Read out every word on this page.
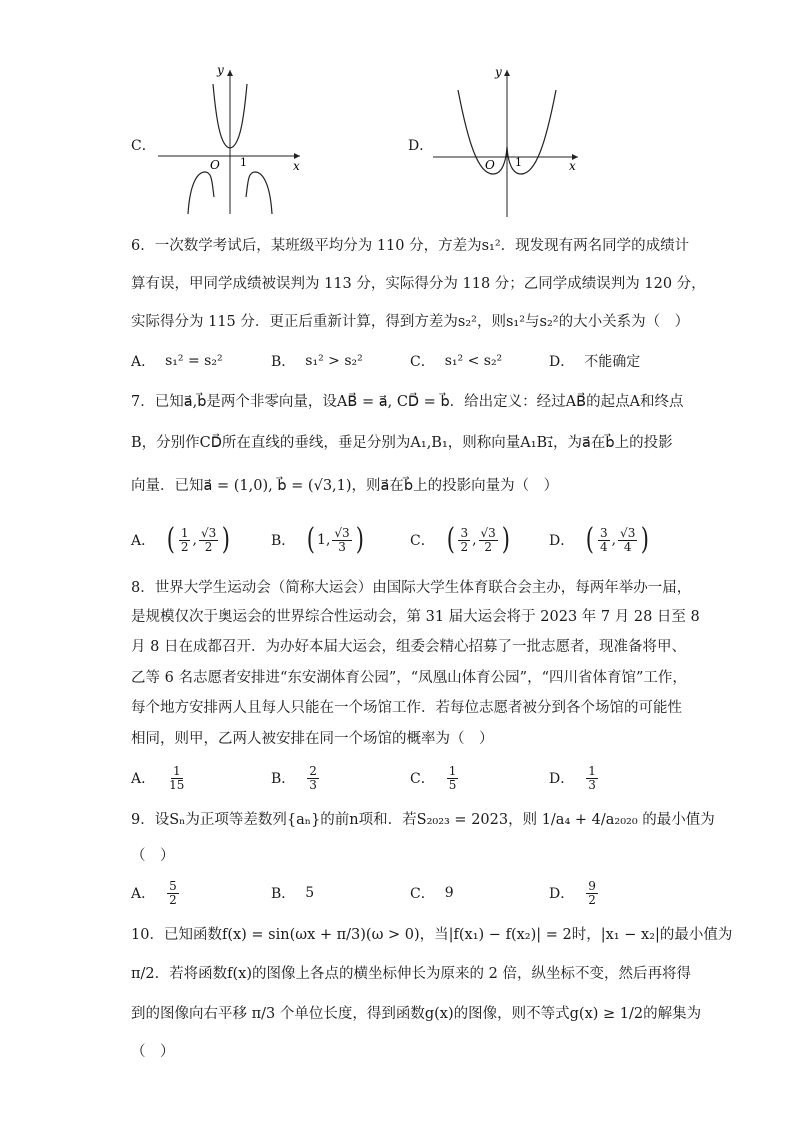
C．
y
x
O 1
D．
y
x
O 1
6．一次数学考试后，某班级平均分为 110 分，方差为s₁²．现发现有两名同学的成绩计
算有误，甲同学成绩被误判为 113 分，实际得分为 118 分；乙同学成绩误判为 120 分，
实际得分为 115 分．更正后重新计算，得到方差为s₂²，则s₁²与s₂²的大小关系为（　）
A． s₁² = s₂²	B． s₁² > s₂²	C． s₁² < s₂²	D． 不能确定
7．已知a⃗,b⃗是两个非零向量，设AB⃗ = a⃗, CD⃗ = b⃗．给出定义：经过AB⃗的起点A和终点
B，分别作CD⃗所在直线的垂线，垂足分别为A₁,B₁，则称向量A₁B₁⃗，为a⃗在b⃗上的投影
向量．已知a⃗ = (1,0), b⃗ = (√3,1)，则a⃗在b⃗上的投影向量为（　）
A． ( $\frac{1}{2}$ , $\frac{√3}{2}$ )	B． ( 1 , $\frac{√3}{3}$ )	C． ( $\frac{3}{2}$ , $\frac{√3}{2}$ )	D． ( $\frac{3}{4}$ , $\frac{√3}{4}$ )
8．世界大学生运动会（简称大运会）由国际大学生体育联合会主办，每两年举办一届，
是规模仅次于奥运会的世界综合性运动会，第 31 届大运会将于 2023 年 7 月 28 日至 8
月 8 日在成都召开．为办好本届大运会，组委会精心招募了一批志愿者，现准备将甲、
乙等 6 名志愿者安排进“东安湖体育公园”，“凤凰山体育公园”，“四川省体育馆”工作，
每个地方安排两人且每人只能在一个场馆工作．若每位志愿者被分到各个场馆的可能性
相同，则甲，乙两人被安排在同一个场馆的概率为（　）
A． $\frac{1}{15}$	B． $\frac{2}{3}$	C． $\frac{1}{5}$	D． $\frac{1}{3}$
9．设Sₙ为正项等差数列{aₙ}的前n项和．若S₂₀₂₃ = 2023，则 1/a₄ + 4/a₂₀₂₀ 的最小值为
（　）
A． $\frac{5}{2}$	B． 5	C． 9	D． $\frac{9}{2}$
10．已知函数f(x) = sin(ωx + π/3)(ω > 0)，当|f(x₁) − f(x₂)| = 2时，|x₁ − x₂|的最小值为
π/2．若将函数f(x)的图像上各点的横坐标伸长为原来的 2 倍，纵坐标不变，然后再将得
到的图像向右平移 π/3 个单位长度，得到函数g(x)的图像，则不等式g(x) ≥ 1/2的解集为
（　）
